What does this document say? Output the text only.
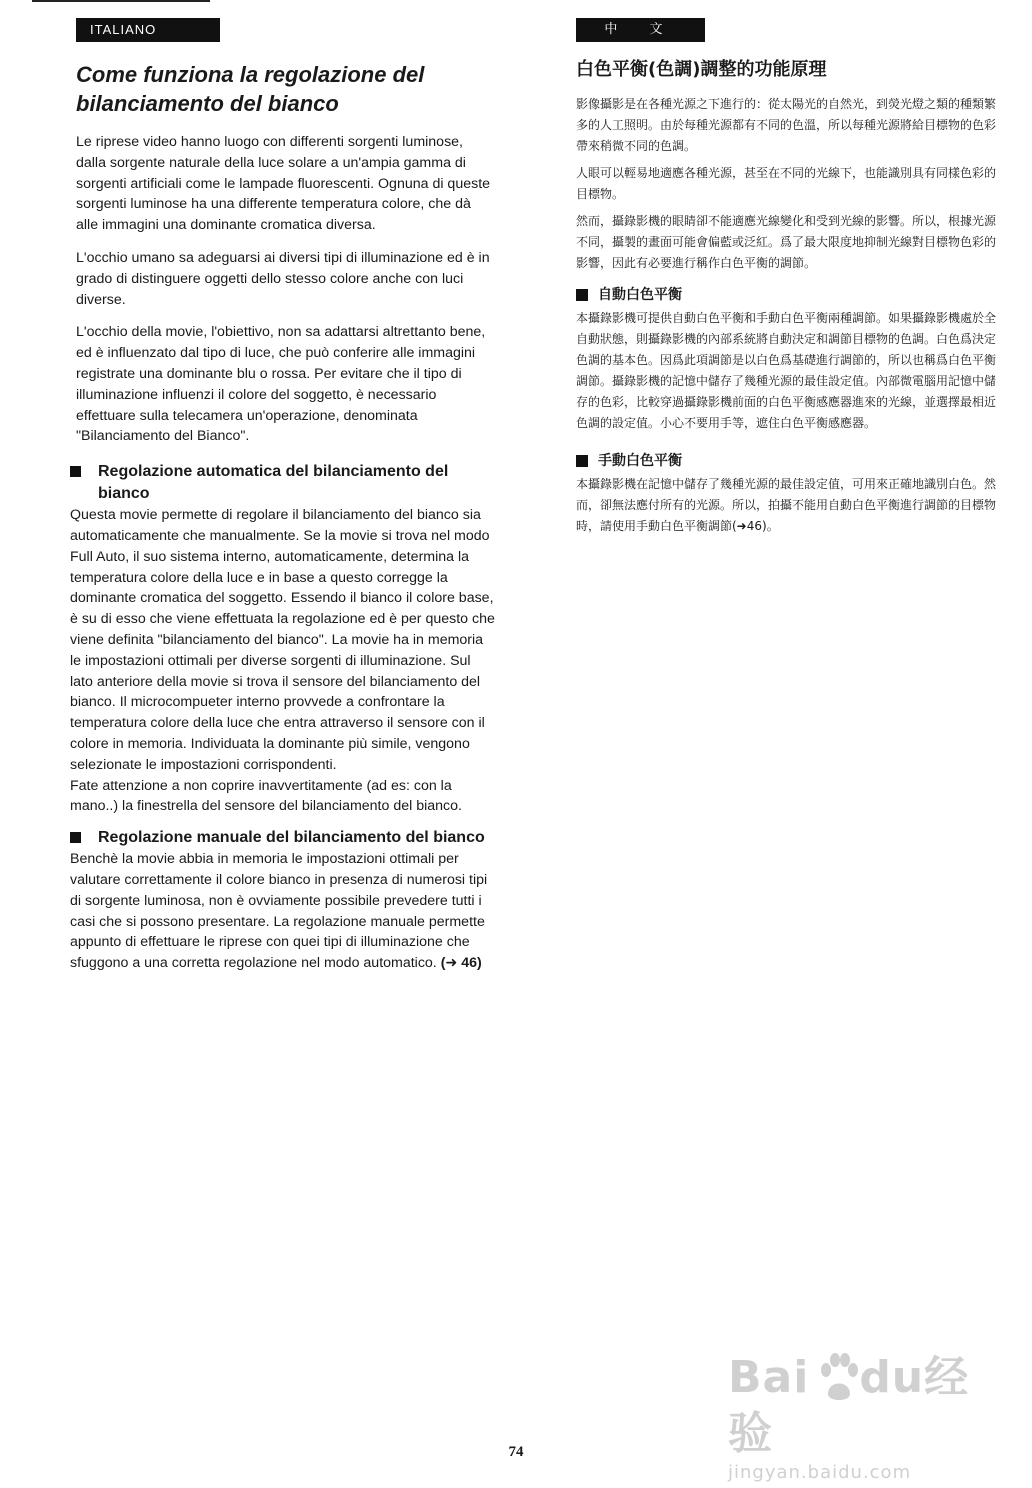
ITALIANO
Come funziona la regolazione del bilanciamento del bianco

Le riprese video hanno luogo con differenti sorgenti luminose, dalla sorgente naturale della luce solare a un'ampia gamma di sorgenti artificiali come le lampade fluorescenti. Ognuna di queste sorgenti luminose ha una differente temperatura colore, che dà alle immagini una dominante cromatica diversa.

L'occhio umano sa adeguarsi ai diversi tipi di illuminazione ed è in grado di distinguere oggetti dello stesso colore anche con luci diverse.

L'occhio della movie, l'obiettivo, non sa adattarsi altrettanto bene, ed è influenzato dal tipo di luce, che può conferire alle immagini registrate una dominante blu o rossa. Per evitare che il tipo di illuminazione influenzi il colore del soggetto, è necessario effettuare sulla telecamera un'operazione, denominata "Bilanciamento del Bianco".

Regolazione automatica del bilanciamento del bianco

Questa movie permette di regolare il bilanciamento del bianco sia automaticamente che manualmente. Se la movie si trova nel modo Full Auto, il suo sistema interno, automaticamente, determina la temperatura colore della luce e in base a questo corregge la dominante cromatica del soggetto. Essendo il bianco il colore base, è su di esso che viene effettuata la regolazione ed è per questo che viene definita "bilanciamento del bianco". La movie ha in memoria le impostazioni ottimali per diverse sorgenti di illuminazione. Sul lato anteriore della movie si trova il sensore del bilanciamento del bianco. Il microcompueter interno provvede a confrontare la temperatura colore della luce che entra attraverso il sensore con il colore in memoria. Individuata la dominante più simile, vengono selezionate le impostazioni corrispondenti.

Fate attenzione a non coprire inavvertitamente (ad es: con la mano..) la finestrella del sensore del bilanciamento del bianco.

Regolazione manuale del bilanciamento del bianco

Benchè la movie abbia in memoria le impostazioni ottimali per valutare correttamente il colore bianco in presenza di numerosi tipi di sorgente luminosa, non è ovviamente possibile prevedere tutti i casi che si possono presentare. La regolazione manuale permette appunto di effettuare le riprese con quei tipi di illuminazione che sfuggono a una corretta regolazione nel modo automatico. (➜ 46)

中 文
白色平衡(色調)調整的功能原理

影像攝影是在各種光源之下進行的：從太陽光的自然光，到熒光燈之類的種類繁多的人工照明。由於每種光源都有不同的色溫，所以每種光源將給目標物的色彩帶來稍微不同的色調。

人眼可以輕易地適應各種光源，甚至在不同的光線下，也能識別具有同樣色彩的目標物。

然而，攝錄影機的眼睛卻不能適應光線變化和受到光線的影響。所以，根據光源不同，攝製的畫面可能會偏藍或泛紅。爲了最大限度地抑制光線對目標物色彩的影響，因此有必要進行稱作白色平衡的調節。

自動白色平衡

本攝錄影機可提供自動白色平衡和手動白色平衡兩種調節。如果攝錄影機處於全自動狀態，則攝錄影機的內部系統將自動決定和調節目標物的色調。白色爲決定色調的基本色。因爲此項調節是以白色爲基礎進行調節的，所以也稱爲白色平衡調節。攝錄影機的記憶中儲存了幾種光源的最佳設定值。內部微電腦用記憶中儲存的色彩，比較穿過攝錄影機前面的白色平衡感應器進來的光線，並選擇最相近色調的設定值。小心不要用手等，遮住白色平衡感應器。

手動白色平衡

本攝錄影機在記憶中儲存了幾種光源的最佳設定值，可用來正確地識別白色。然而，卻無法應付所有的光源。所以，拍攝不能用自動白色平衡進行調節的目標物時，請使用手動白色平衡調節(➜46)。

74
Bai du经验
jingyan.baidu.com
